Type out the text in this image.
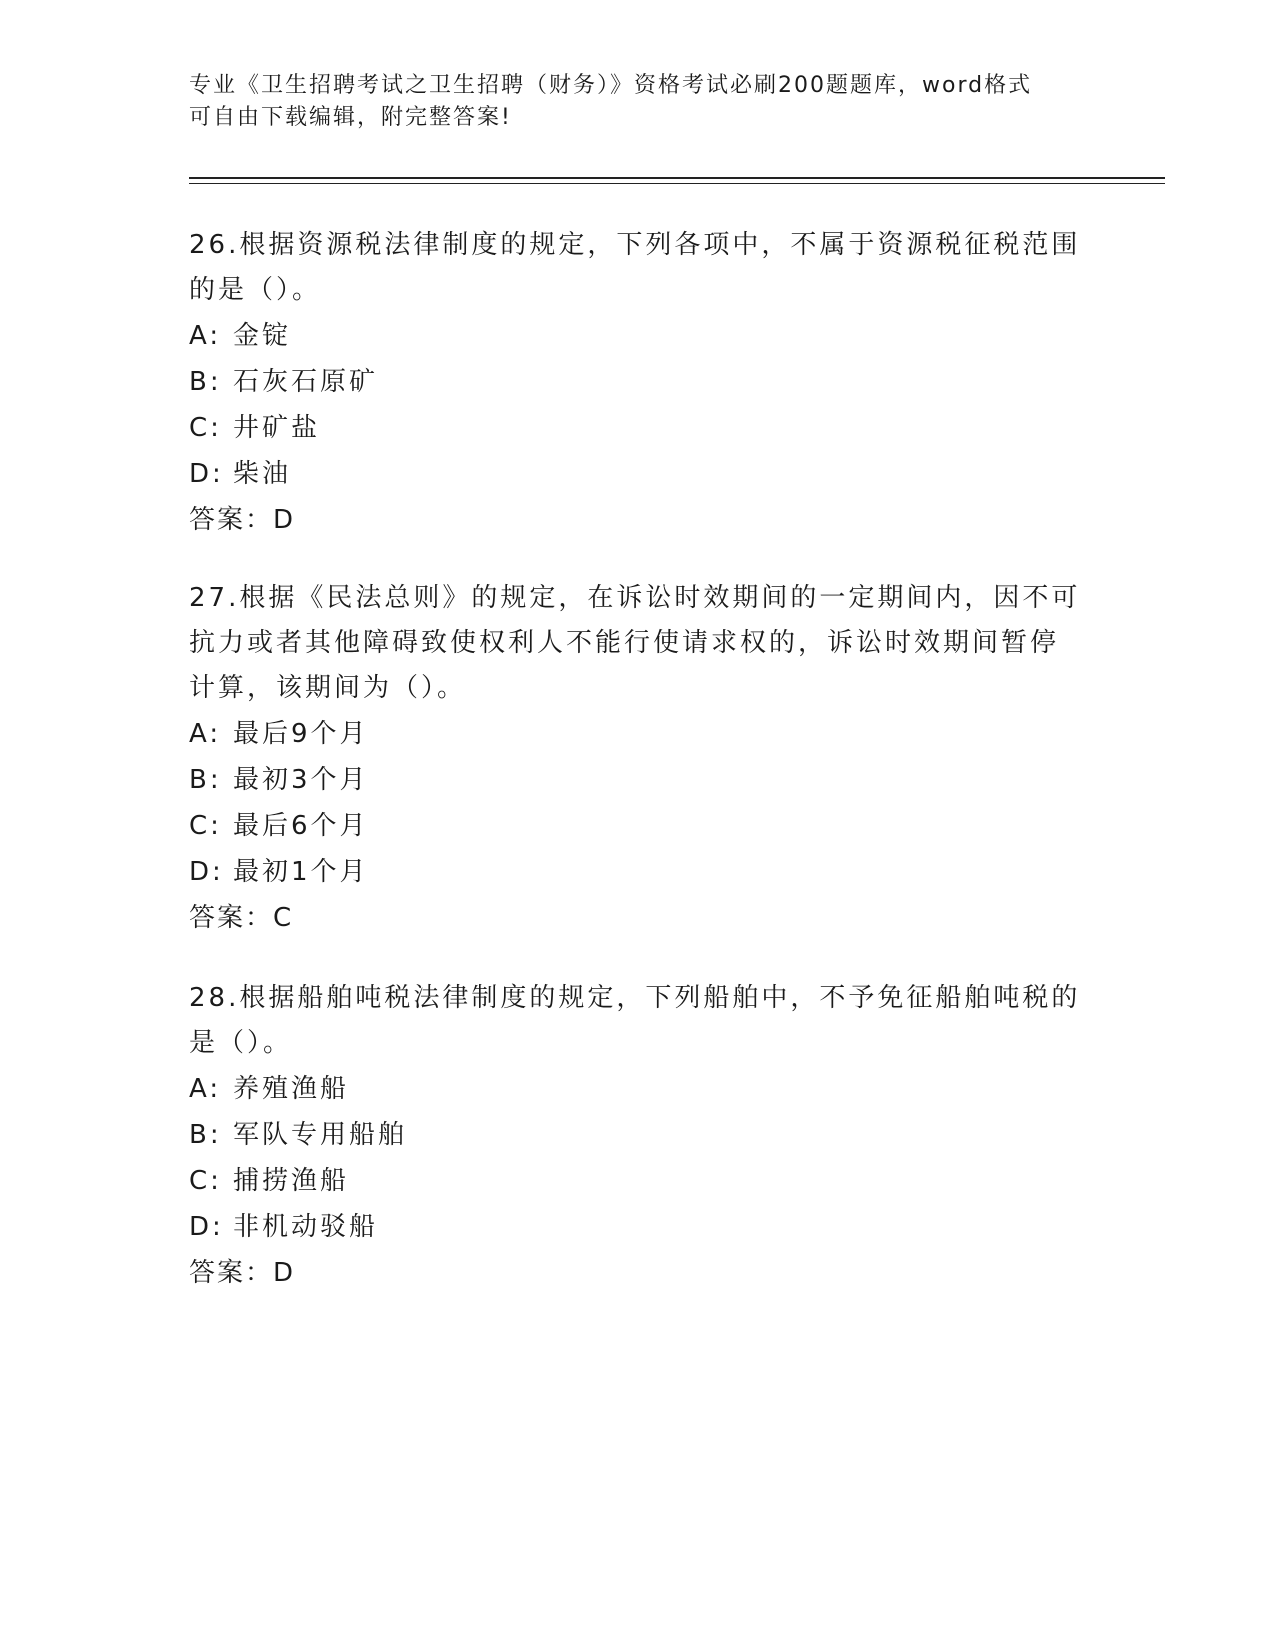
专业《卫生招聘考试之卫生招聘（财务）》资格考试必刷200题题库，word格式
可自由下载编辑，附完整答案!
26.根据资源税法律制度的规定，下列各项中，不属于资源税征税范围
的是（）。
A: 金锭
B: 石灰石原矿
C: 井矿盐
D: 柴油
答案：D
27.根据《民法总则》的规定，在诉讼时效期间的一定期间内，因不可
抗力或者其他障碍致使权利人不能行使请求权的，诉讼时效期间暂停
计算，该期间为（）。
A: 最后9个月
B: 最初3个月
C: 最后6个月
D: 最初1个月
答案：C
28.根据船舶吨税法律制度的规定，下列船舶中，不予免征船舶吨税的
是（）。
A: 养殖渔船
B: 军队专用船舶
C: 捕捞渔船
D: 非机动驳船
答案：D
